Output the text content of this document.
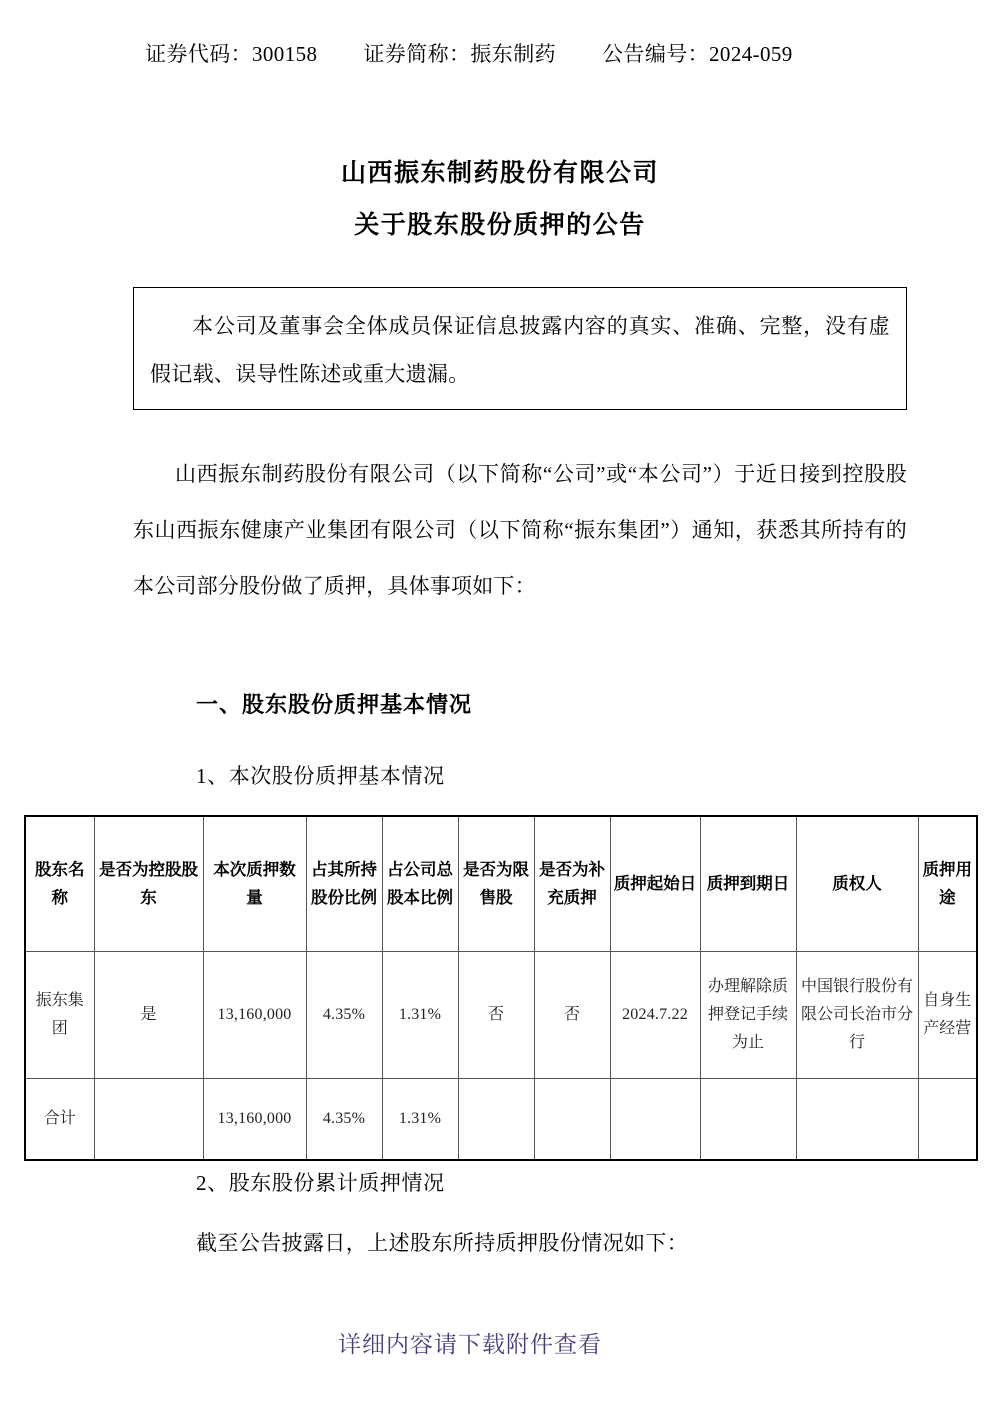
证券代码：300158 证券简称：振东制药 公告编号：2024-059
山西振东制药股份有限公司
关于股东股份质押的公告

本公司及董事会全体成员保证信息披露内容的真实、准确、完整，没有虚假记载、误导性陈述或重大遗漏。

山西振东制药股份有限公司（以下简称“公司”或“本公司”）于近日接到控股股东山西振东健康产业集团有限公司（以下简称“振东集团”）通知，获悉其所持有的本公司部分股份做了质押，具体事项如下：
一、股东股份质押基本情况
1、本次股份质押基本情况
股东名称	是否为控股股东	本次质押数量	占其所持股份比例	占公司总股本比例	是否为限售股	是否为补充质押	质押起始日	质押到期日	质权人	质押用途
振东集团	是	13,160,000	4.35%	1.31%	否	否	2024.7.22	办理解除质押登记手续为止	中国银行股份有限公司长治市分行	自身生产经营
合计		13,160,000	4.35%	1.31%						
2、股东股份累计质押情况
截至公告披露日，上述股东所持质押股份情况如下：
详细内容请下载附件查看
